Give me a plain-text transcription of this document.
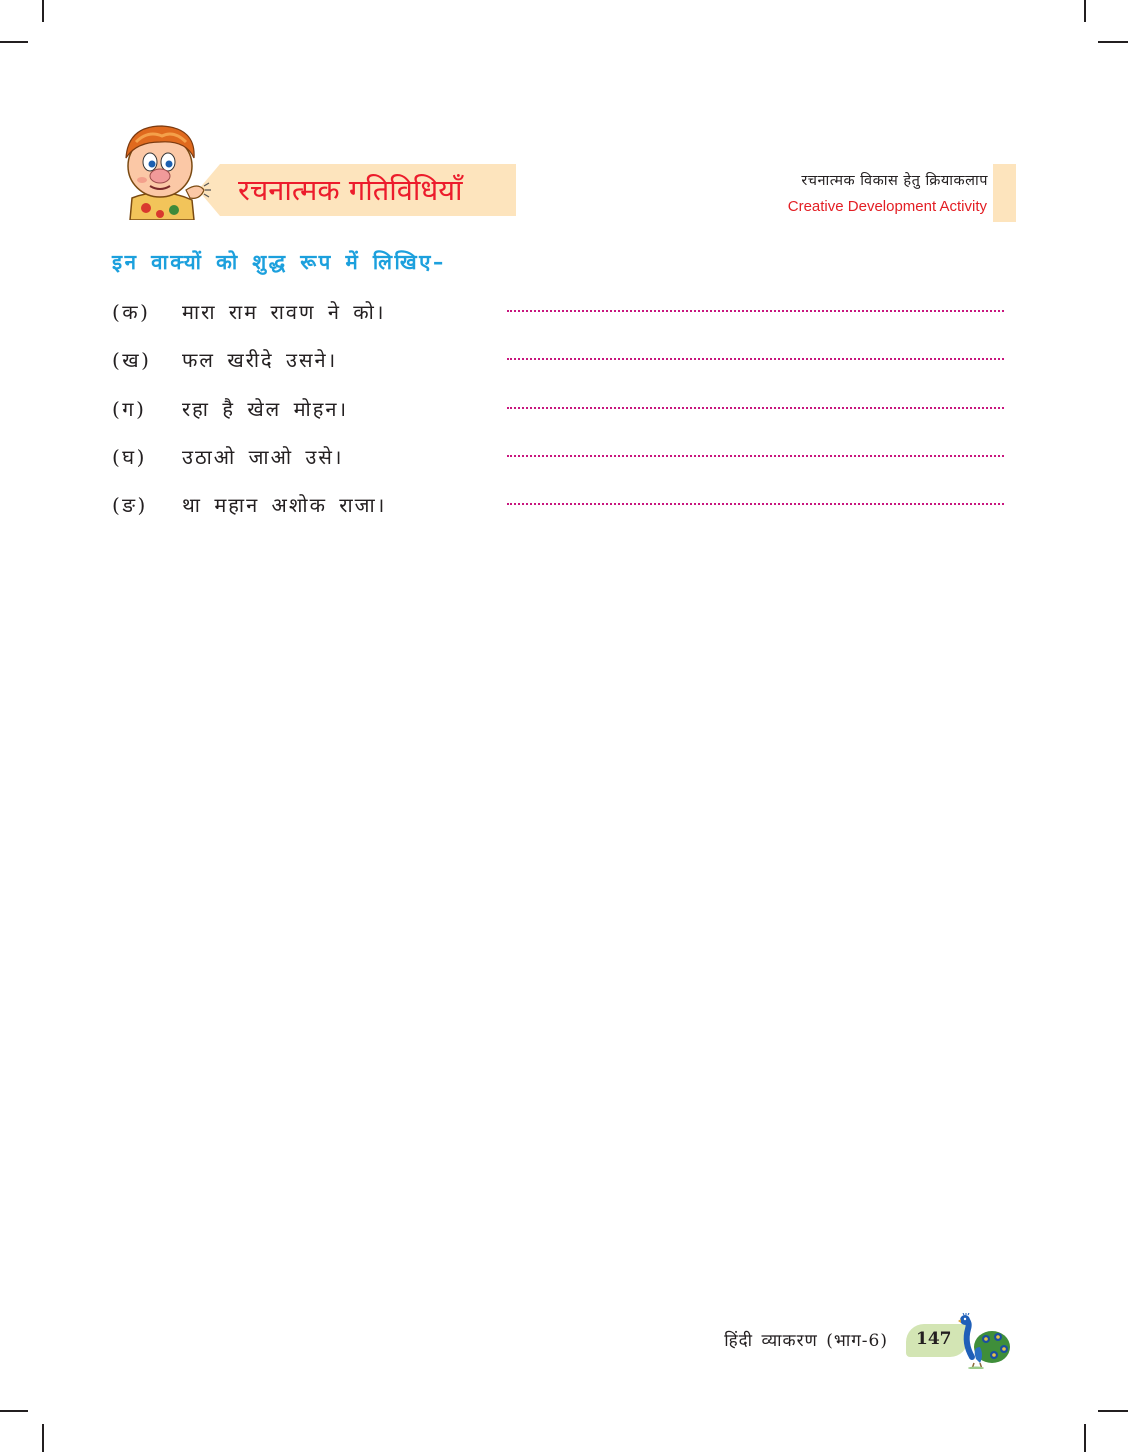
रचनात्मक गतिविधियाँ	रचनात्मक विकास हेतु क्रियाकलाप
Creative Development Activity
इन वाक्यों को शुद्ध रूप में लिखिए–
(क) मारा राम रावण ने को।
(ख) फल खरीदे उसने।
(ग) रहा है खेल मोहन।
(घ) उठाओ जाओ उसे।
(ङ) था महान अशोक राजा।
हिंदी व्याकरण (भाग-6) 147
